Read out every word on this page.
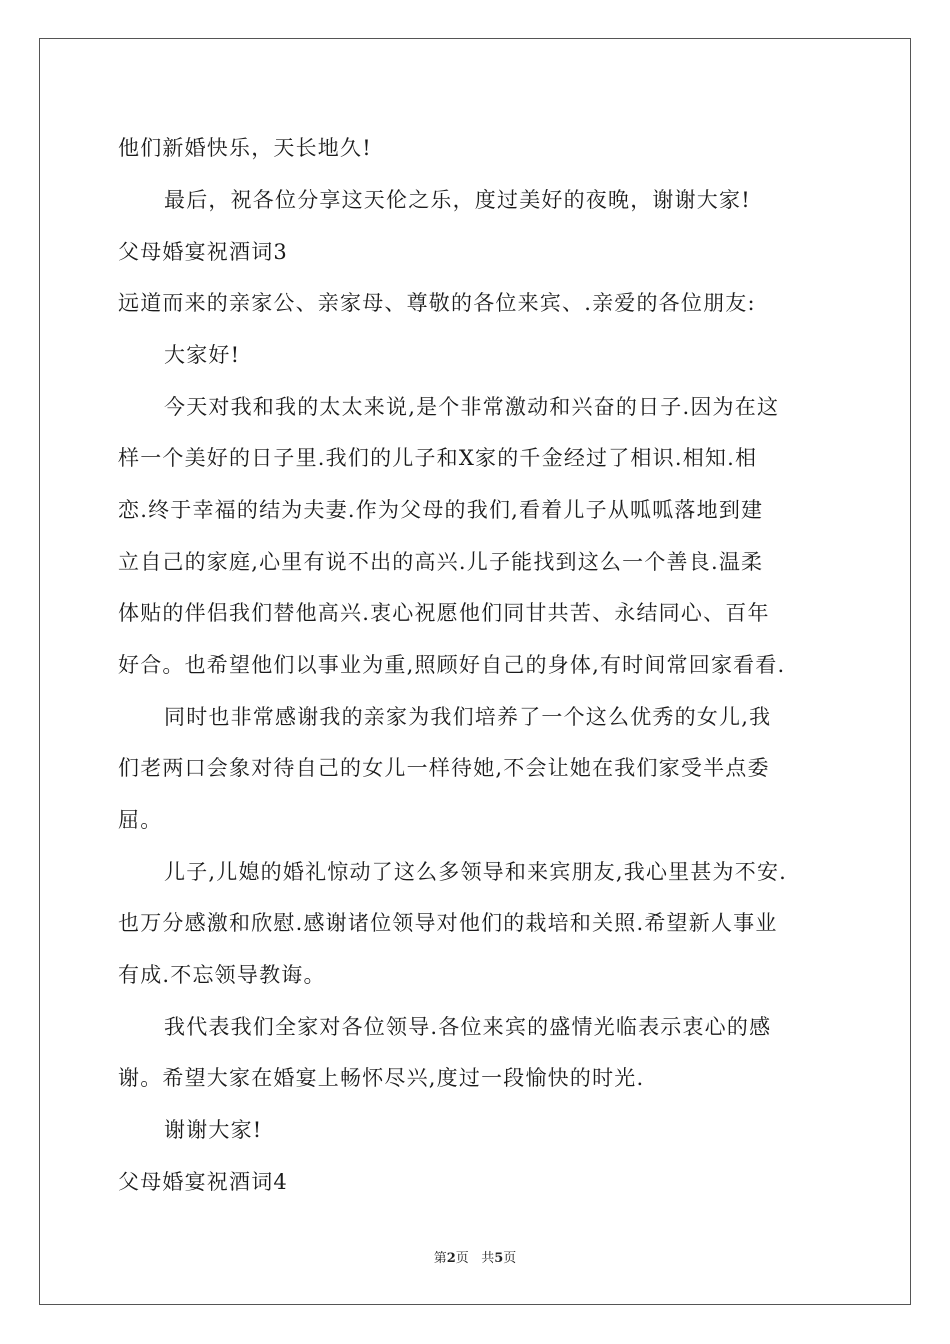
他们新婚快乐，天长地久!
最后，祝各位分享这天伦之乐，度过美好的夜晚，谢谢大家!
父母婚宴祝酒词3
远道而来的亲家公、亲家母、尊敬的各位来宾、.亲爱的各位朋友:
大家好!
今天对我和我的太太来说,是个非常激动和兴奋的日子.因为在这
样一个美好的日子里.我们的儿子和X家的千金经过了相识.相知.相
恋.终于幸福的结为夫妻.作为父母的我们,看着儿子从呱呱落地到建
立自己的家庭,心里有说不出的高兴.儿子能找到这么一个善良.温柔
体贴的伴侣我们替他高兴.衷心祝愿他们同甘共苦、永结同心、百年
好合。也希望他们以事业为重,照顾好自己的身体,有时间常回家看看.
同时也非常感谢我的亲家为我们培养了一个这么优秀的女儿,我
们老两口会象对待自己的女儿一样待她,不会让她在我们家受半点委
屈。
儿子,儿媳的婚礼惊动了这么多领导和来宾朋友,我心里甚为不安.
也万分感激和欣慰.感谢诸位领导对他们的栽培和关照.希望新人事业
有成.不忘领导教诲。
我代表我们全家对各位领导.各位来宾的盛情光临表示衷心的感
谢。希望大家在婚宴上畅怀尽兴,度过一段愉快的时光.
谢谢大家!
父母婚宴祝酒词4
第2页 共5页
